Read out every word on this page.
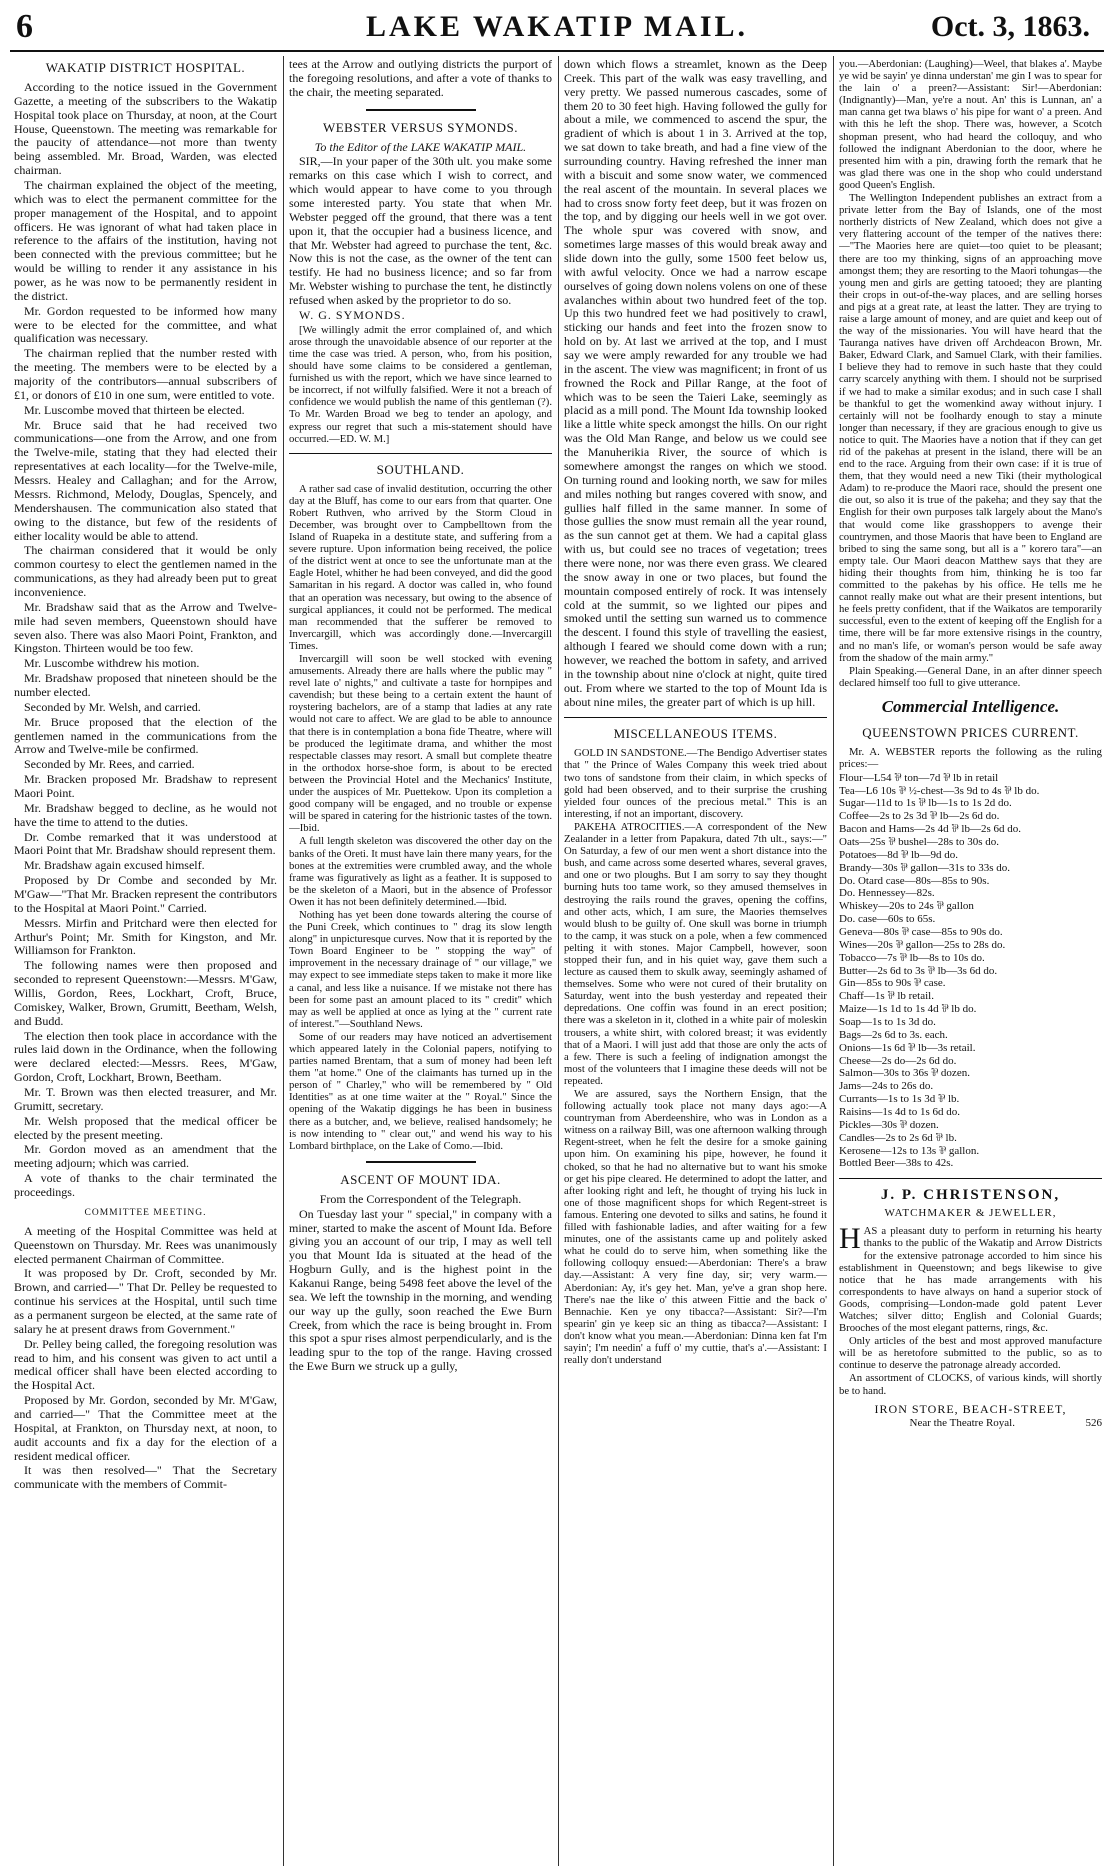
6	LAKE WAKATIP MAIL.	Oct. 3, 1863.
WAKATIP DISTRICT HOSPITAL.

According to the notice issued in the Government Gazette, a meeting of the subscribers to the Wakatip Hospital took place on Thursday, at noon, at the Court House, Queenstown. The meeting was remarkable for the paucity of attendance—not more than twenty being assembled. Mr. Broad, Warden, was elected chairman.

The chairman explained the object of the meeting, which was to elect the permanent committee for the proper management of the Hospital, and to appoint officers. He was ignorant of what had taken place in reference to the affairs of the institution, having not been connected with the previous committee; but he would be willing to render it any assistance in his power, as he was now to be permanently resident in the district.

Mr. Gordon requested to be informed how many were to be elected for the committee, and what qualification was necessary.

The chairman replied that the number rested with the meeting. The members were to be elected by a majority of the contributors—annual subscribers of £1, or donors of £10 in one sum, were entitled to vote.

Mr. Luscombe moved that thirteen be elected.

Mr. Bruce said that he had received two communications—one from the Arrow, and one from the Twelve-mile, stating that they had elected their representatives at each locality—for the Twelve-mile, Messrs. Healey and Callaghan; and for the Arrow, Messrs. Richmond, Melody, Douglas, Spencely, and Mendershausen. The communication also stated that owing to the distance, but few of the residents of either locality would be able to attend.

The chairman considered that it would be only common courtesy to elect the gentlemen named in the communications, as they had already been put to great inconvenience.

Mr. Bradshaw said that as the Arrow and Twelve-mile had seven members, Queenstown should have seven also. There was also Maori Point, Frankton, and Kingston. Thirteen would be too few.

Mr. Luscombe withdrew his motion.

Mr. Bradshaw proposed that nineteen should be the number elected.

Seconded by Mr. Welsh, and carried.

Mr. Bruce proposed that the election of the gentlemen named in the communications from the Arrow and Twelve-mile be confirmed.

Seconded by Mr. Rees, and carried.

Mr. Bracken proposed Mr. Bradshaw to represent Maori Point.

Mr. Bradshaw begged to decline, as he would not have the time to attend to the duties.

Dr. Combe remarked that it was understood at Maori Point that Mr. Bradshaw should represent them.

Mr. Bradshaw again excused himself.

Proposed by Dr Combe and seconded by Mr. M'Gaw—"That Mr. Bracken represent the contributors to the Hospital at Maori Point." Carried.

Messrs. Mirfin and Pritchard were then elected for Arthur's Point; Mr. Smith for Kingston, and Mr. Williamson for Frankton.

The following names were then proposed and seconded to represent Queenstown:—Messrs. M'Gaw, Willis, Gordon, Rees, Lockhart, Croft, Bruce, Comiskey, Walker, Brown, Grumitt, Beetham, Welsh, and Budd.

The election then took place in accordance with the rules laid down in the Ordinance, when the following were declared elected:—Messrs. Rees, M'Gaw, Gordon, Croft, Lockhart, Brown, Beetham.

Mr. T. Brown was then elected treasurer, and Mr. Grumitt, secretary.

Mr. Welsh proposed that the medical officer be elected by the present meeting.

Mr. Gordon moved as an amendment that the meeting adjourn; which was carried.

A vote of thanks to the chair terminated the proceedings.

COMMITTEE MEETING.

A meeting of the Hospital Committee was held at Queenstown on Thursday. Mr. Rees was unanimously elected permanent Chairman of Committee.

It was proposed by Dr. Croft, seconded by Mr. Brown, and carried—" That Dr. Pelley be requested to continue his services at the Hospital, until such time as a permanent surgeon be elected, at the same rate of salary he at present draws from Government."

Dr. Pelley being called, the foregoing resolution was read to him, and his consent was given to act until a medical officer shall have been elected according to the Hospital Act.

Proposed by Mr. Gordon, seconded by Mr. M'Gaw, and carried—" That the Committee meet at the Hospital, at Frankton, on Thursday next, at noon, to audit accounts and fix a day for the election of a resident medical officer.

It was then resolved—" That the Secretary communicate with the members of Commit-

tees at the Arrow and outlying districts the purport of the foregoing resolutions, and after a vote of thanks to the chair, the meeting separated.

WEBSTER VERSUS SYMONDS.

To the Editor of the LAKE WAKATIP MAIL.

SIR,—In your paper of the 30th ult. you make some remarks on this case which I wish to correct, and which would appear to have come to you through some interested party. You state that when Mr. Webster pegged off the ground, that there was a tent upon it, that the occupier had a business licence, and that Mr. Webster had agreed to purchase the tent, &c. Now this is not the case, as the owner of the tent can testify. He had no business licence; and so far from Mr. Webster wishing to purchase the tent, he distinctly refused when asked by the proprietor to do so.

W. G. SYMONDS.

[We willingly admit the error complained of, and which arose through the unavoidable absence of our reporter at the time the case was tried. A person, who, from his position, should have some claims to be considered a gentleman, furnished us with the report, which we have since learned to be incorrect, if not wilfully falsified. Were it not a breach of confidence we would publish the name of this gentleman (?). To Mr. Warden Broad we beg to tender an apology, and express our regret that such a mis-statement should have occurred.—ED. W. M.]

SOUTHLAND.

A rather sad case of invalid destitution, occurring the other day at the Bluff, has come to our ears from that quarter. One Robert Ruthven, who arrived by the Storm Cloud in December, was brought over to Campbelltown from the Island of Ruapeka in a destitute state, and suffering from a severe rupture. Upon information being received, the police of the district went at once to see the unfortunate man at the Eagle Hotel, whither he had been conveyed, and did the good Samaritan in his regard. A doctor was called in, who found that an operation was necessary, but owing to the absence of surgical appliances, it could not be performed. The medical man recommended that the sufferer be removed to Invercargill, which was accordingly done.—Invercargill Times.

Invercargill will soon be well stocked with evening amusements. Already there are halls where the public may " revel late o' nights," and cultivate a taste for hornpipes and cavendish; but these being to a certain extent the haunt of roystering bachelors, are of a stamp that ladies at any rate would not care to affect. We are glad to be able to announce that there is in contemplation a bona fide Theatre, where will be produced the legitimate drama, and whither the most respectable classes may resort. A small but complete theatre in the orthodox horse-shoe form, is about to be erected between the Provincial Hotel and the Mechanics' Institute, under the auspices of Mr. Puettekow. Upon its completion a good company will be engaged, and no trouble or expense will be spared in catering for the histrionic tastes of the town.—Ibid.

A full length skeleton was discovered the other day on the banks of the Oreti. It must have lain there many years, for the bones at the extremities were crumbled away, and the whole frame was figuratively as light as a feather. It is supposed to be the skeleton of a Maori, but in the absence of Professor Owen it has not been definitely determined.—Ibid.

Nothing has yet been done towards altering the course of the Puni Creek, which continues to " drag its slow length along" in unpicturesque curves. Now that it is reported by the Town Board Engineer to be " stopping the way" of improvement in the necessary drainage of " our village," we may expect to see immediate steps taken to make it more like a canal, and less like a nuisance. If we mistake not there has been for some past an amount placed to its " credit" which may as well be applied at once as lying at the " current rate of interest."—Southland News.

Some of our readers may have noticed an advertisement which appeared lately in the Colonial papers, notifying to parties named Brentam, that a sum of money had been left them "at home." One of the claimants has turned up in the person of " Charley," who will be remembered by " Old Identities" as at one time waiter at the " Royal." Since the opening of the Wakatip diggings he has been in business there as a butcher, and, we believe, realised handsomely; he is now intending to " clear out," and wend his way to his Lombard birthplace, on the Lake of Como.—Ibid.

ASCENT OF MOUNT IDA.

From the Correspondent of the Telegraph.

On Tuesday last your " special," in company with a miner, started to make the ascent of Mount Ida. Before giving you an account of our trip, I may as well tell you that Mount Ida is situated at the head of the Hogburn Gully, and is the highest point in the Kakanui Range, being 5498 feet above the level of the sea. We left the township in the morning, and wending our way up the gully, soon reached the Ewe Burn Creek, from which the race is being brought in. From this spot a spur rises almost perpendicularly, and is the leading spur to the top of the range. Having crossed the Ewe Burn we struck up a gully,

down which flows a streamlet, known as the Deep Creek. This part of the walk was easy travelling, and very pretty. We passed numerous cascades, some of them 20 to 30 feet high. Having followed the gully for about a mile, we commenced to ascend the spur, the gradient of which is about 1 in 3. Arrived at the top, we sat down to take breath, and had a fine view of the surrounding country. Having refreshed the inner man with a biscuit and some snow water, we commenced the real ascent of the mountain. In several places we had to cross snow forty feet deep, but it was frozen on the top, and by digging our heels well in we got over. The whole spur was covered with snow, and sometimes large masses of this would break away and slide down into the gully, some 1500 feet below us, with awful velocity. Once we had a narrow escape ourselves of going down nolens volens on one of these avalanches within about two hundred feet of the top. Up this two hundred feet we had positively to crawl, sticking our hands and feet into the frozen snow to hold on by. At last we arrived at the top, and I must say we were amply rewarded for any trouble we had in the ascent. The view was magnificent; in front of us frowned the Rock and Pillar Range, at the foot of which was to be seen the Taieri Lake, seemingly as placid as a mill pond. The Mount Ida township looked like a little white speck amongst the hills. On our right was the Old Man Range, and below us we could see the Manuherikia River, the source of which is somewhere amongst the ranges on which we stood. On turning round and looking north, we saw for miles and miles nothing but ranges covered with snow, and gullies half filled in the same manner. In some of those gullies the snow must remain all the year round, as the sun cannot get at them. We had a capital glass with us, but could see no traces of vegetation; trees there were none, nor was there even grass. We cleared the snow away in one or two places, but found the mountain composed entirely of rock. It was intensely cold at the summit, so we lighted our pipes and smoked until the setting sun warned us to commence the descent. I found this style of travelling the easiest, although I feared we should come down with a run; however, we reached the bottom in safety, and arrived in the township about nine o'clock at night, quite tired out. From where we started to the top of Mount Ida is about nine miles, the greater part of which is up hill.

MISCELLANEOUS ITEMS.

GOLD IN SANDSTONE.—The Bendigo Advertiser states that " the Prince of Wales Company this week tried about two tons of sandstone from their claim, in which specks of gold had been observed, and to their surprise the crushing yielded four ounces of the precious metal." This is an interesting, if not an important, discovery.

PAKEHA ATROCITIES.—A correspondent of the New Zealander in a letter from Papakura, dated 7th ult., says:—" On Saturday, a few of our men went a short distance into the bush, and came across some deserted whares, several graves, and one or two ploughs. But I am sorry to say they thought burning huts too tame work, so they amused themselves in destroying the rails round the graves, opening the coffins, and other acts, which, I am sure, the Maories themselves would blush to be guilty of. One skull was borne in triumph to the camp, it was stuck on a pole, when a few commenced pelting it with stones. Major Campbell, however, soon stopped their fun, and in his quiet way, gave them such a lecture as caused them to skulk away, seemingly ashamed of themselves. Some who were not cured of their brutality on Saturday, went into the bush yesterday and repeated their depredations. One coffin was found in an erect position; there was a skeleton in it, clothed in a white pair of moleskin trousers, a white shirt, with colored breast; it was evidently that of a Maori. I will just add that those are only the acts of a few. There is such a feeling of indignation amongst the most of the volunteers that I imagine these deeds will not be repeated.

We are assured, says the Northern Ensign, that the following actually took place not many days ago:—A countryman from Aberdeenshire, who was in London as a witness on a railway Bill, was one afternoon walking through Regent-street, when he felt the desire for a smoke gaining upon him. On examining his pipe, however, he found it choked, so that he had no alternative but to want his smoke or get his pipe cleared. He determined to adopt the latter, and after looking right and left, he thought of trying his luck in one of those magnificent shops for which Regent-street is famous. Entering one devoted to silks and satins, he found it filled with fashionable ladies, and after waiting for a few minutes, one of the assistants came up and politely asked what he could do to serve him, when something like the following colloquy ensued:—Aberdonian: There's a braw day.—Assistant: A very fine day, sir; very warm.—Aberdonian: Ay, it's gey het. Man, ye've a gran shop here. There's nae the like o' this atween Fittie and the back o' Bennachie. Ken ye ony tibacca?—Assistant: Sir?—I'm spearin' gin ye keep sic an thing as tibacca?—Assistant: I don't know what you mean.—Aberdonian: Dinna ken fat I'm sayin'; I'm needin' a fuff o' my cuttie, that's a'.—Assistant: I really don't understand

you.—Aberdonian: (Laughing)—Weel, that blakes a'. Maybe ye wid be sayin' ye dinna understan' me gin I was to spear for the lain o' a preen?—Assistant: Sir!—Aberdonian: (Indignantly)—Man, ye're a nout. An' this is Lunnan, an' a man canna get twa blaws o' his pipe for want o' a preen. And with this he left the shop. There was, however, a Scotch shopman present, who had heard the colloquy, and who followed the indignant Aberdonian to the door, where he presented him with a pin, drawing forth the remark that he was glad there was one in the shop who could understand good Queen's English.

The Wellington Independent publishes an extract from a private letter from the Bay of Islands, one of the most northerly districts of New Zealand, which does not give a very flattering account of the temper of the natives there:—"The Maories here are quiet—too quiet to be pleasant; there are too my thinking, signs of an approaching move amongst them; they are resorting to the Maori tohungas—the young men and girls are getting tatooed; they are planting their crops in out-of-the-way places, and are selling horses and pigs at a great rate, at least the latter. They are trying to raise a large amount of money, and are quiet and keep out of the way of the missionaries. You will have heard that the Tauranga natives have driven off Archdeacon Brown, Mr. Baker, Edward Clark, and Samuel Clark, with their families. I believe they had to remove in such haste that they could carry scarcely anything with them. I should not be surprised if we had to make a similar exodus; and in such case I shall be thankful to get the womenkind away without injury. I certainly will not be foolhardy enough to stay a minute longer than necessary, if they are gracious enough to give us notice to quit. The Maories have a notion that if they can get rid of the pakehas at present in the island, there will be an end to the race. Arguing from their own case: if it is true of them, that they would need a new Tiki (their mythological Adam) to re-produce the Maori race, should the present one die out, so also it is true of the pakeha; and they say that the English for their own purposes talk largely about the Mano's that would come like grasshoppers to avenge their countrymen, and those Maoris that have been to England are bribed to sing the same song, but all is a " korero tara"—an empty tale. Our Maori deacon Matthew says that they are hiding their thoughts from him, thinking he is too far committed to the pakehas by his office. He tells me he cannot really make out what are their present intentions, but he feels pretty confident, that if the Waikatos are temporarily successful, even to the extent of keeping off the English for a time, there will be far more extensive risings in the country, and no man's life, or woman's person would be safe away from the shadow of the main army."

Plain Speaking.—General Dane, in an after dinner speech declared himself too full to give utterance.

Commercial Intelligence.
QUEENSTOWN PRICES CURRENT.

Mr. A. WEBSTER reports the following as the ruling prices:—

Flour—L54 ⅌ ton—7d ⅌ lb in retail
Tea—L6 10s ⅌ ½-chest—3s 9d to 4s ⅌ lb do.
Sugar—11d to 1s ⅌ lb—1s to 1s 2d do.
Coffee—2s to 2s 3d ⅌ lb—2s 6d do.
Bacon and Hams—2s 4d ⅌ lb—2s 6d do.
Oats—25s ⅌ bushel—28s to 30s do.
Potatoes—8d ⅌ lb—9d do.
Brandy—30s ⅌ gallon—31s to 33s do.
Do. Otard case—80s—85s to 90s.
Do. Hennessey—82s.
Whiskey—20s to 24s ⅌ gallon
Do. case—60s to 65s.
Geneva—80s ⅌ case—85s to 90s do.
Wines—20s ⅌ gallon—25s to 28s do.
Tobacco—7s ⅌ lb—8s to 10s do.
Butter—2s 6d to 3s ⅌ lb—3s 6d do.
Gin—85s to 90s ⅌ case.
Chaff—1s ⅌ lb retail.
Maize—1s 1d to 1s 4d ⅌ lb do.
Soap—1s to 1s 3d do.
Bags—2s 6d to 3s. each.
Onions—1s 6d ⅌ lb—3s retail.
Cheese—2s do—2s 6d do.
Salmon—30s to 36s ⅌ dozen.
Jams—24s to 26s do.
Currants—1s to 1s 3d ⅌ lb.
Raisins—1s 4d to 1s 6d do.
Pickles—30s ⅌ dozen.
Candles—2s to 2s 6d ⅌ lb.
Kerosene—12s to 13s ⅌ gallon.
Bottled Beer—38s to 42s.
J. P. CHRISTENSON,
WATCHMAKER & JEWELLER,

HAS a pleasant duty to perform in returning his hearty thanks to the public of the Wakatip and Arrow Districts for the extensive patronage accorded to him since his establishment in Queenstown; and begs likewise to give notice that he has made arrangements with his correspondents to have always on hand a superior stock of Goods, comprising—London-made gold patent Lever Watches; silver ditto; English and Colonial Guards; Brooches of the most elegant patterns, rings, &c.

Only articles of the best and most approved manufacture will be as heretofore submitted to the public, so as to continue to deserve the patronage already accorded.

An assortment of CLOCKS, of various kinds, will shortly be to hand.

IRON STORE, BEACH-STREET,
Near the Theatre Royal.	526
